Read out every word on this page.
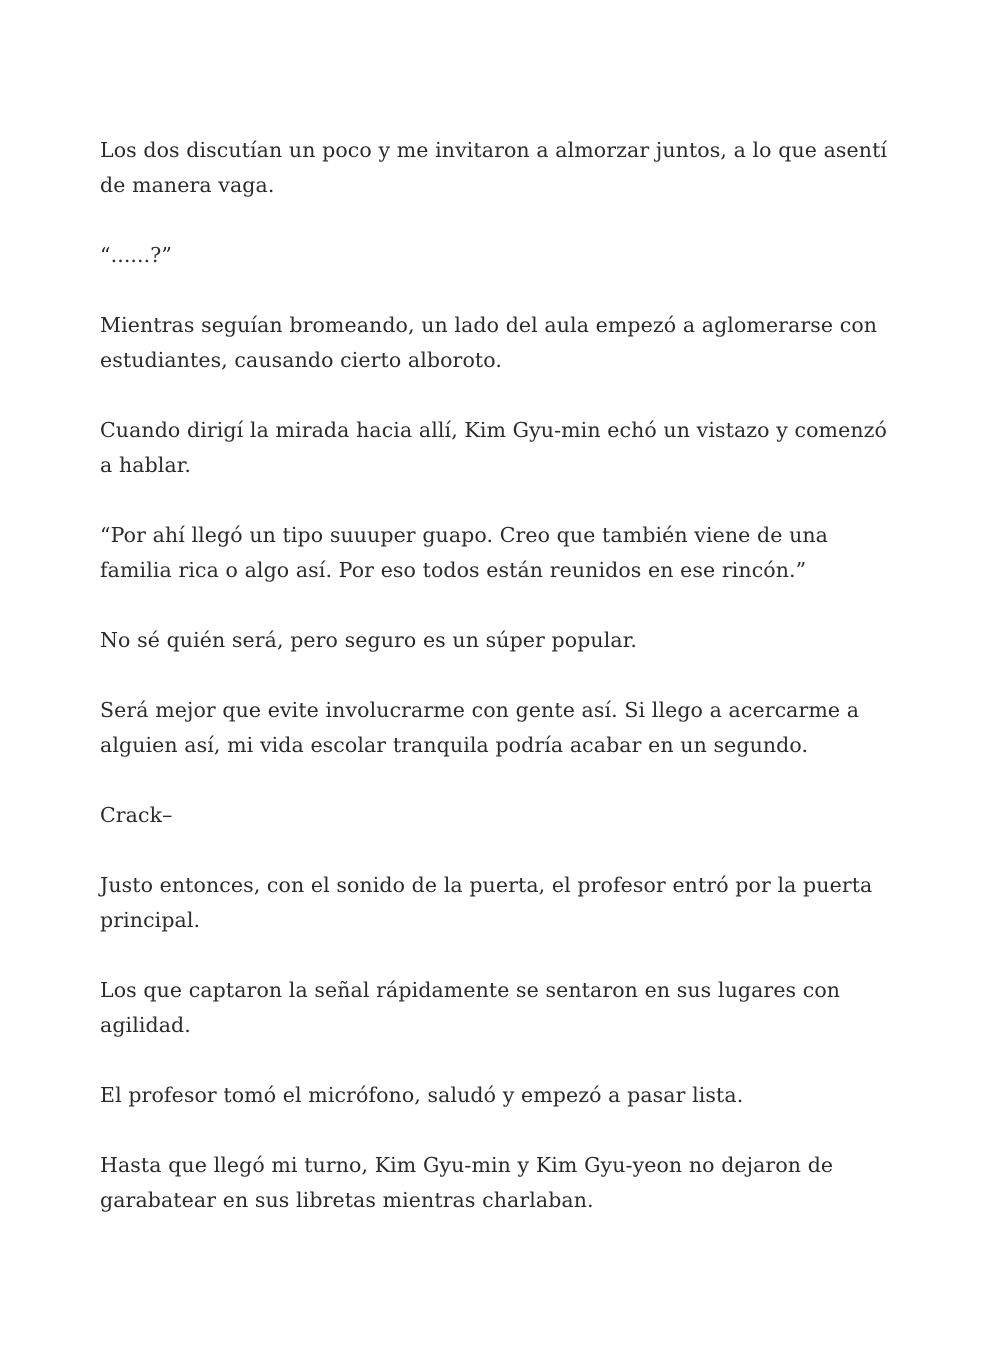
Los dos discutían un poco y me invitaron a almorzar juntos, a lo que asentí de manera vaga.

“......?”

Mientras seguían bromeando, un lado del aula empezó a aglomerarse con estudiantes, causando cierto alboroto.

Cuando dirigí la mirada hacia allí, Kim Gyu-min echó un vistazo y comenzó a hablar.

“Por ahí llegó un tipo suuuper guapo. Creo que también viene de una familia rica o algo así. Por eso todos están reunidos en ese rincón.”

No sé quién será, pero seguro es un súper popular.

Será mejor que evite involucrarme con gente así. Si llego a acercarme a alguien así, mi vida escolar tranquila podría acabar en un segundo.

Crack–

Justo entonces, con el sonido de la puerta, el profesor entró por la puerta principal.

Los que captaron la señal rápidamente se sentaron en sus lugares con agilidad.

El profesor tomó el micrófono, saludó y empezó a pasar lista.

Hasta que llegó mi turno, Kim Gyu-min y Kim Gyu-yeon no dejaron de garabatear en sus libretas mientras charlaban.
